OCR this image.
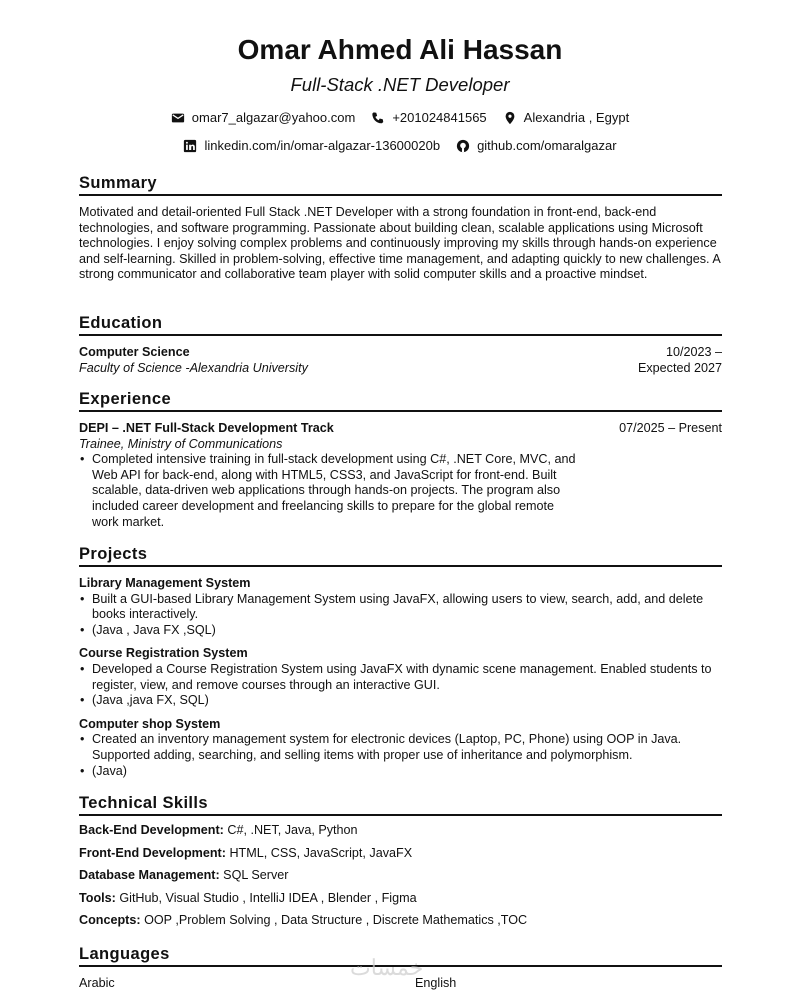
Omar Ahmed Ali Hassan
Full-Stack .NET Developer
omar7_algazar@yahoo.com	+201024841565	Alexandria , Egypt
linkedin.com/in/omar-algazar-13600020b	github.com/omaralgazar
Summary
Motivated and detail-oriented Full Stack .NET Developer with a strong foundation in front-end, back-end technologies, and software programming. Passionate about building clean, scalable applications using Microsoft technologies. I enjoy solving complex problems and continuously improving my skills through hands-on experience and self-learning. Skilled in problem-solving, effective time management, and adapting quickly to new challenges. A strong communicator and collaborative team player with solid computer skills and a proactive mindset.
Education
Computer Science	10/2023 –
Faculty of Science -Alexandria University	Expected 2027
Experience
DEPI – .NET Full-Stack Development Track	07/2025 – Present
Trainee, Ministry of Communications
• Completed intensive training in full-stack development using C#, .NET Core, MVC, and Web API for back-end, along with HTML5, CSS3, and JavaScript for front-end. Built scalable, data-driven web applications through hands-on projects. The program also included career development and freelancing skills to prepare for the global remote work market.
Projects
Library Management System
• Built a GUI-based Library Management System using JavaFX, allowing users to view, search, add, and delete books interactively.
• (Java , Java FX ,SQL)
Course Registration System
• Developed a Course Registration System using JavaFX with dynamic scene management. Enabled students to register, view, and remove courses through an interactive GUI.
• (Java ,java FX, SQL)
Computer shop System
• Created an inventory management system for electronic devices (Laptop, PC, Phone) using OOP in Java. Supported adding, searching, and selling items with proper use of inheritance and polymorphism.
• (Java)
Technical Skills
Back-End Development: C#, .NET, Java, Python
Front-End Development: HTML, CSS, JavaScript, JavaFX
Database Management: SQL Server
Tools: GitHub, Visual Studio , IntelliJ IDEA , Blender , Figma
Concepts: OOP ,Problem Solving , Data Structure , Discrete Mathematics ,TOC
Languages
Arabic	English
خمسات
